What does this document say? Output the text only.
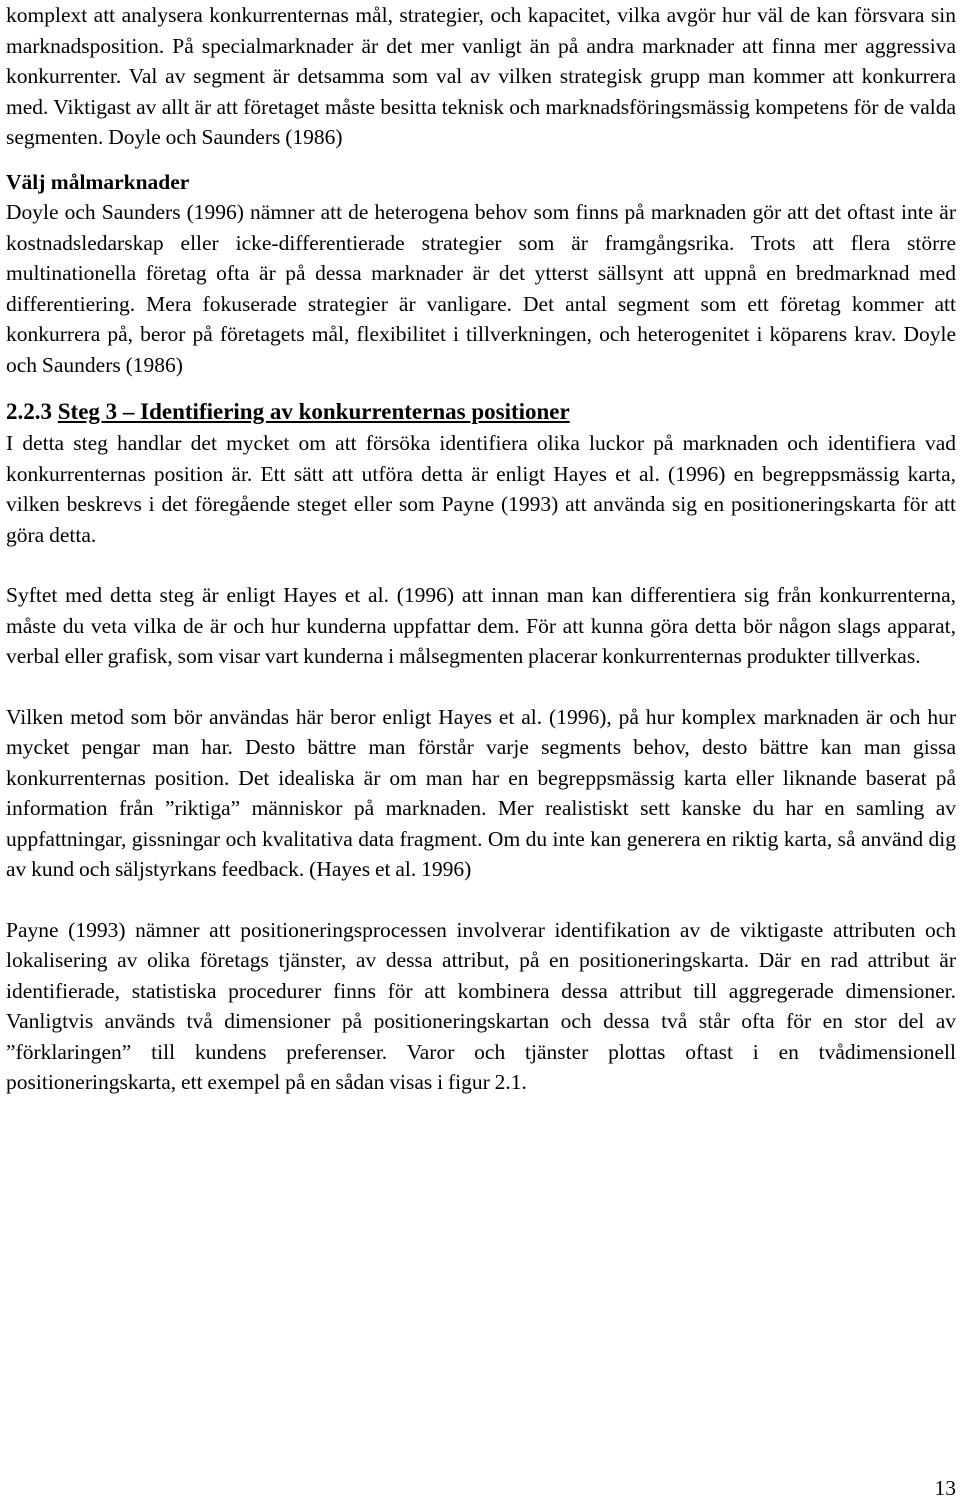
komplext att analysera konkurrenternas mål, strategier, och kapacitet, vilka avgör hur väl de kan försvara sin marknadsposition. På specialmarknader är det mer vanligt än på andra marknader att finna mer aggressiva konkurrenter. Val av segment är detsamma som val av vilken strategisk grupp man kommer att konkurrera med. Viktigast av allt är att företaget måste besitta teknisk och marknadsföringsmässig kompetens för de valda segmenten. Doyle och Saunders (1986)

Välj målmarknader

Doyle och Saunders (1996) nämner att de heterogena behov som finns på marknaden gör att det oftast inte är kostnadsledarskap eller icke-differentierade strategier som är framgångsrika. Trots att flera större multinationella företag ofta är på dessa marknader är det ytterst sällsynt att uppnå en bredmarknad med differentiering. Mera fokuserade strategier är vanligare. Det antal segment som ett företag kommer att konkurrera på, beror på företagets mål, flexibilitet i tillverkningen, och heterogenitet i köparens krav. Doyle och Saunders (1986)

2.2.3 Steg 3 – Identifiering av konkurrenternas positioner

I detta steg handlar det mycket om att försöka identifiera olika luckor på marknaden och identifiera vad konkurrenternas position är. Ett sätt att utföra detta är enligt Hayes et al. (1996) en begreppsmässig karta, vilken beskrevs i det föregående steget eller som Payne (1993) att använda sig en positioneringskarta för att göra detta.

Syftet med detta steg är enligt Hayes et al. (1996) att innan man kan differentiera sig från konkurrenterna, måste du veta vilka de är och hur kunderna uppfattar dem. För att kunna göra detta bör någon slags apparat, verbal eller grafisk, som visar vart kunderna i målsegmenten placerar konkurrenternas produkter tillverkas.

Vilken metod som bör användas här beror enligt Hayes et al. (1996), på hur komplex marknaden är och hur mycket pengar man har. Desto bättre man förstår varje segments behov, desto bättre kan man gissa konkurrenternas position. Det idealiska är om man har en begreppsmässig karta eller liknande baserat på information från ”riktiga” människor på marknaden. Mer realistiskt sett kanske du har en samling av uppfattningar, gissningar och kvalitativa data fragment. Om du inte kan generera en riktig karta, så använd dig av kund och säljstyrkans feedback. (Hayes et al. 1996)

Payne (1993) nämner att positioneringsprocessen involverar identifikation av de viktigaste attributen och lokalisering av olika företags tjänster, av dessa attribut, på en positioneringskarta. Där en rad attribut är identifierade, statistiska procedurer finns för att kombinera dessa attribut till aggregerade dimensioner. Vanligtvis används två dimensioner på positioneringskartan och dessa två står ofta för en stor del av ”förklaringen” till kundens preferenser. Varor och tjänster plottas oftast i en tvådimensionell positioneringskarta, ett exempel på en sådan visas i figur 2.1.

13
